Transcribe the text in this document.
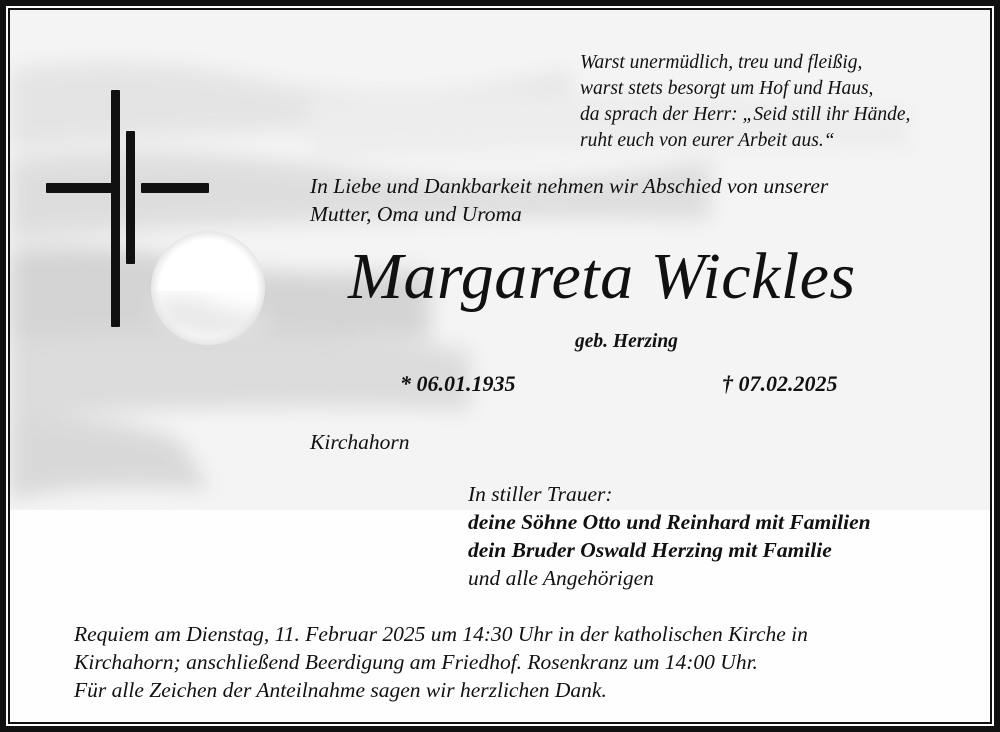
Warst unermüdlich, treu und fleißig,
warst stets besorgt um Hof und Haus,
da sprach der Herr: „Seid still ihr Hände,
ruht euch von eurer Arbeit aus.“
In Liebe und Dankbarkeit nehmen wir Abschied von unserer
Mutter, Oma und Uroma
Margareta Wickles
geb. Herzing
* 06.01.1935	† 07.02.2025
Kirchahorn
In stiller Trauer:
deine Söhne Otto und Reinhard mit Familien
dein Bruder Oswald Herzing mit Familie
und alle Angehörigen
Requiem am Dienstag, 11. Februar 2025 um 14:30 Uhr in der katholischen Kirche in
Kirchahorn; anschließend Beerdigung am Friedhof. Rosenkranz um 14:00 Uhr.
Für alle Zeichen der Anteilnahme sagen wir herzlichen Dank.
